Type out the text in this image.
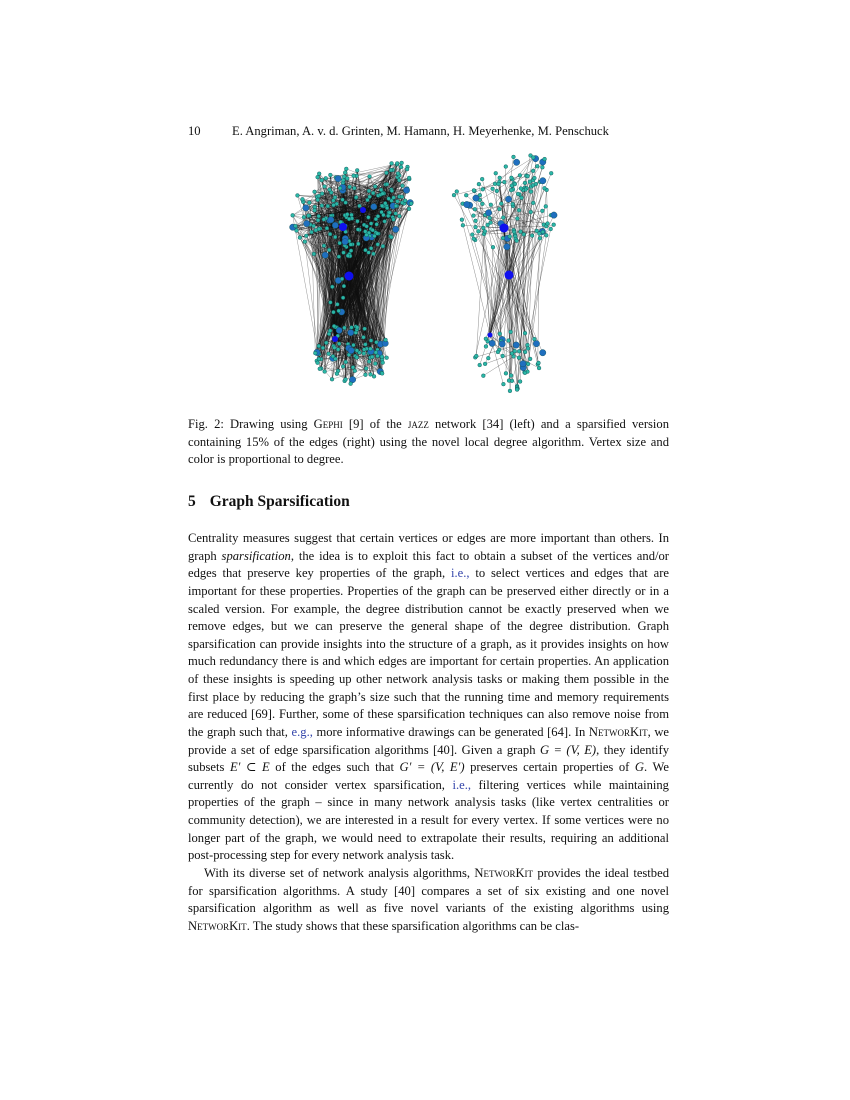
10 E. Angriman, A. v. d. Grinten, M. Hamann, H. Meyerhenke, M. Penschuck
Fig. 2: Drawing using Gephi [9] of the jazz network [34] (left) and a sparsified version containing 15% of the edges (right) using the novel local degree algorithm. Vertex size and color is proportional to degree.
5 Graph Sparsification

Centrality measures suggest that certain vertices or edges are more important than others. In graph sparsification, the idea is to exploit this fact to obtain a subset of the vertices and/or edges that preserve key properties of the graph, i.e., to select vertices and edges that are important for these properties. Properties of the graph can be preserved either directly or in a scaled version. For example, the degree distribution cannot be exactly preserved when we remove edges, but we can preserve the general shape of the degree distribution. Graph sparsification can provide insights into the structure of a graph, as it provides insights on how much redundancy there is and which edges are important for certain properties. An application of these insights is speeding up other network analysis tasks or making them possible in the first place by reducing the graph’s size such that the running time and memory requirements are reduced [69]. Further, some of these sparsification techniques can also remove noise from the graph such that, e.g., more informative drawings can be generated [64]. In NetworKit, we provide a set of edge sparsification algorithms [40]. Given a graph G = (V, E), they identify subsets E′ ⊂ E of the edges such that G′ = (V, E′) preserves certain properties of G. We currently do not consider vertex sparsification, i.e., filtering vertices while maintaining properties of the graph – since in many network analysis tasks (like vertex centralities or community detection), we are interested in a result for every vertex. If some vertices were no longer part of the graph, we would need to extrapolate their results, requiring an additional post-processing step for every network analysis task.

With its diverse set of network analysis algorithms, NetworKit provides the ideal testbed for sparsification algorithms. A study [40] compares a set of six existing and one novel sparsification algorithm as well as five novel variants of the existing algorithms using NetworKit. The study shows that these sparsification algorithms can be clas-
